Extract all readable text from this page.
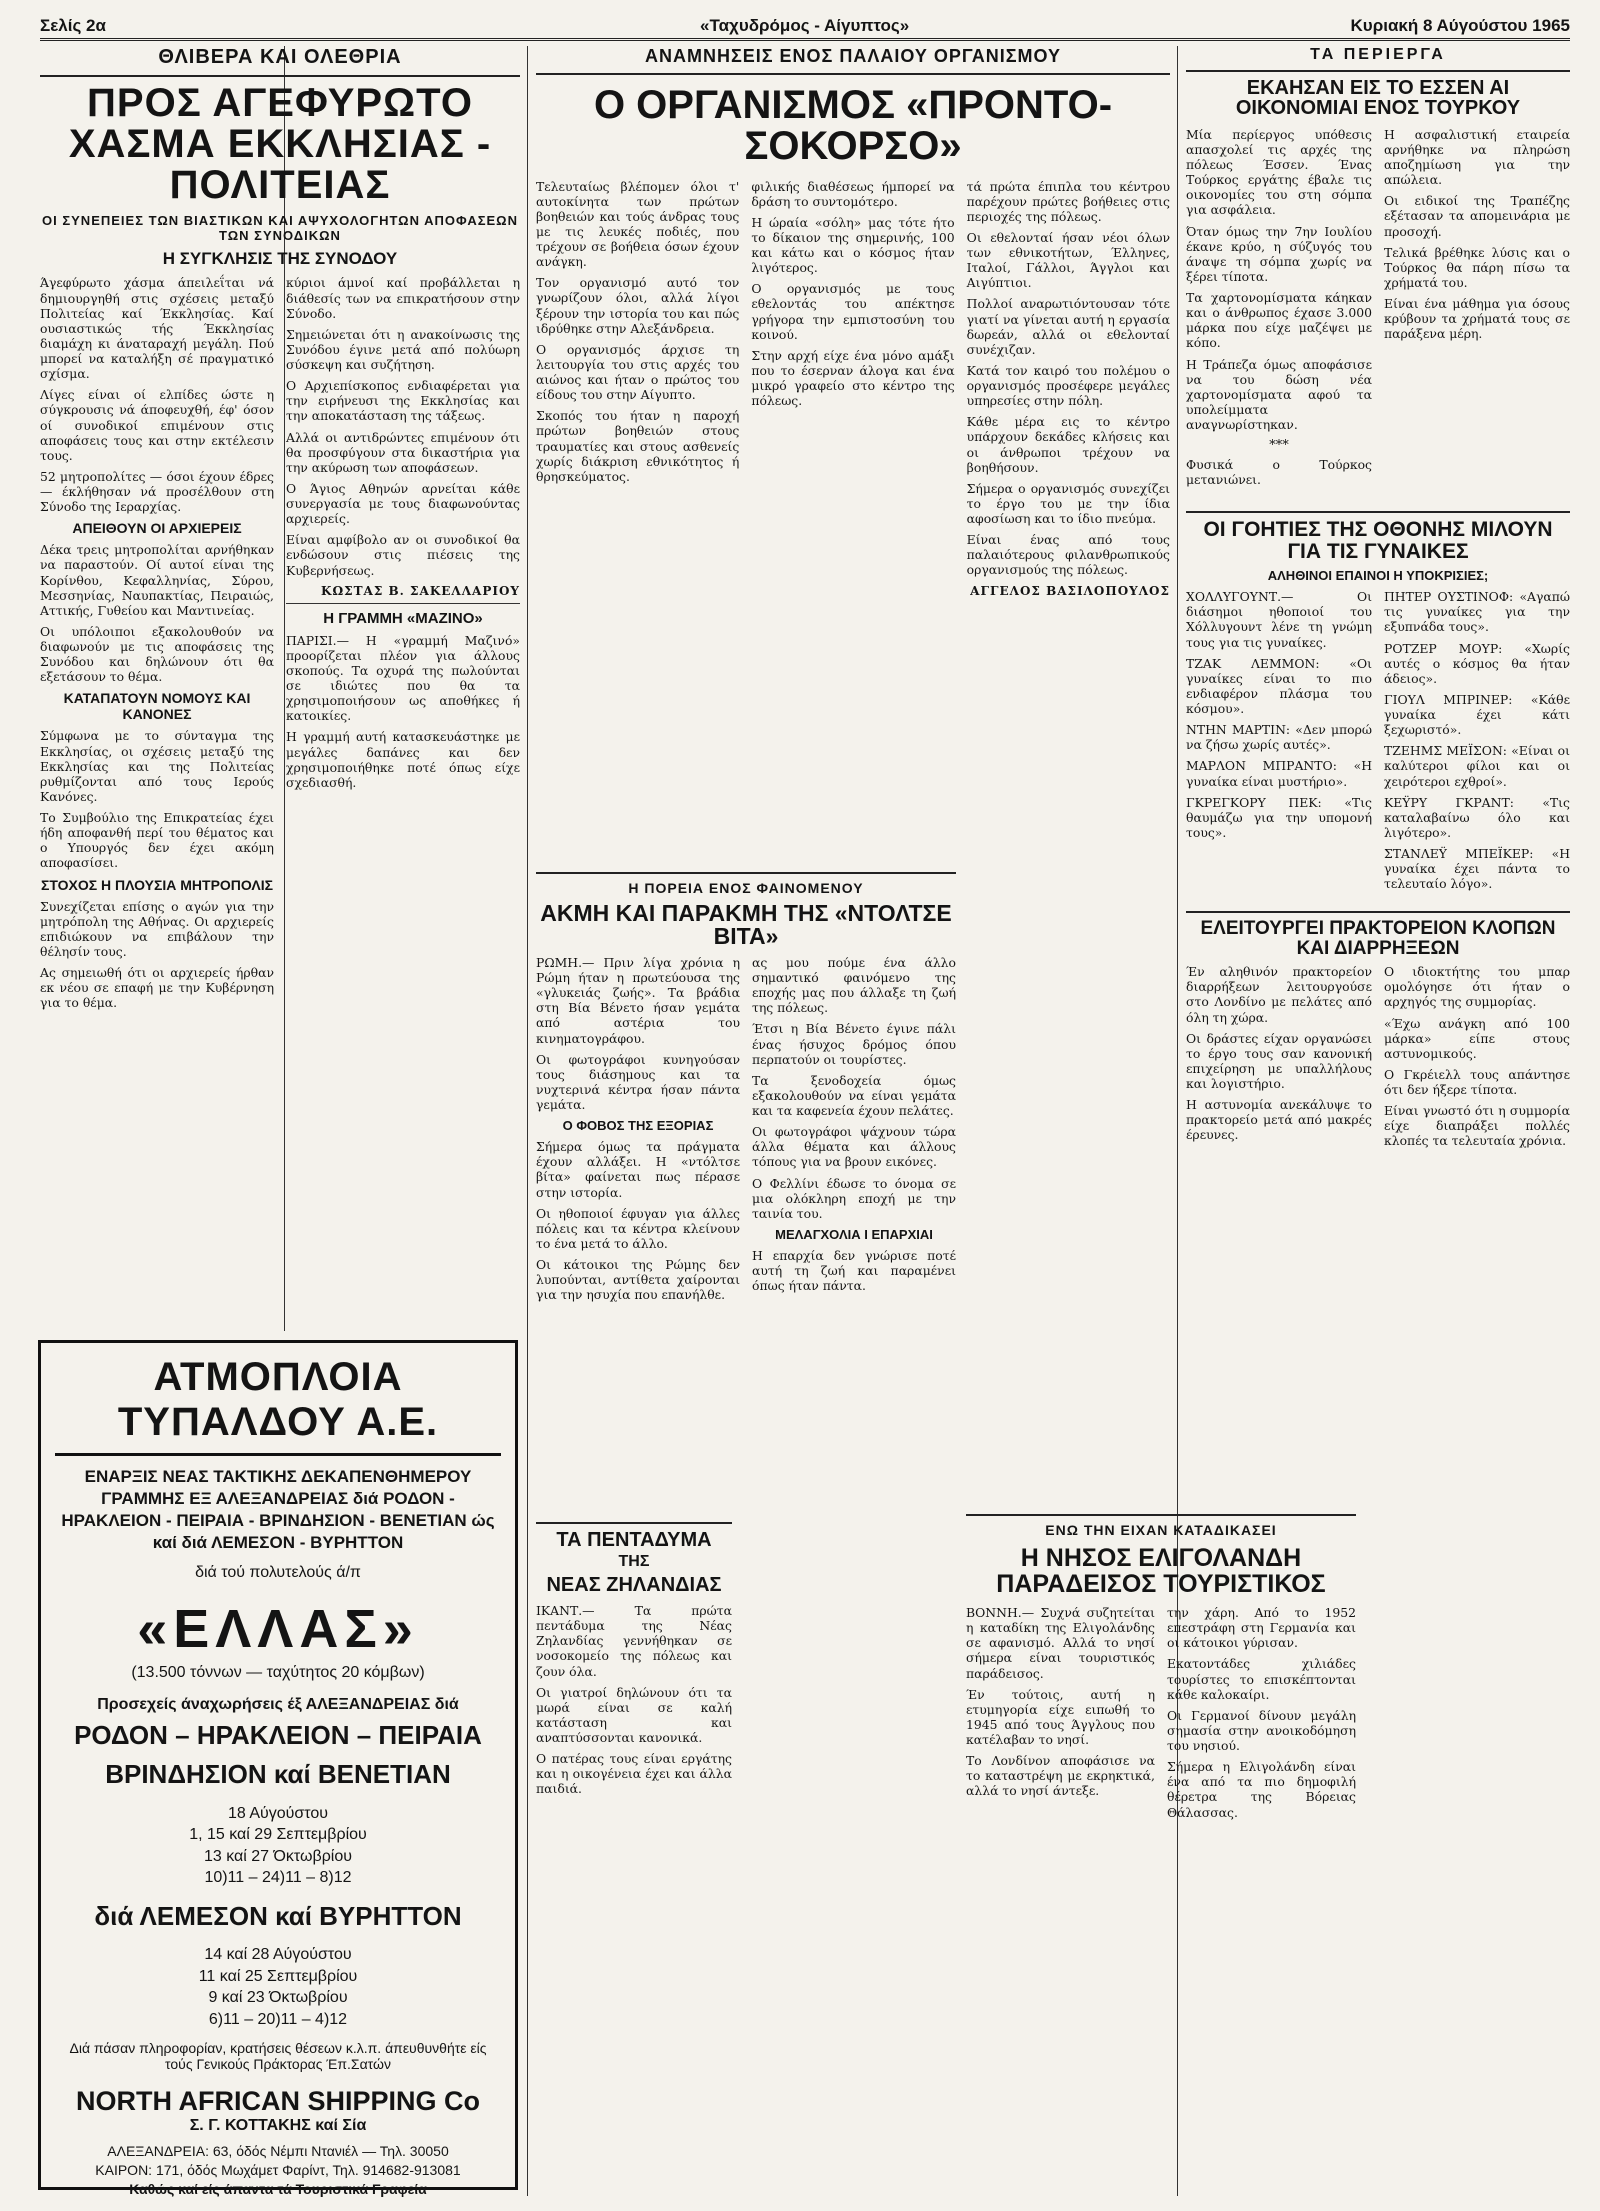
Σελίς 2α	«Ταχυδρόμος - Αίγυπτος»	Κυριακή 8 Αύγούστου 1965
ΘΛΙΒΕΡΑ ΚΑΙ ΟΛΕΘΡΙΑ
ΠΡΟΣ ΑΓΕΦΥΡΩΤΟ ΧΑΣΜΑ ΕΚΚΛΗΣΙΑΣ - ΠΟΛΙΤΕΙΑΣ
ΟΙ ΣΥΝΕΠΕΙΕΣ ΤΩΝ ΒΙΑΣΤΙΚΩΝ ΚΑΙ ΑΨΥΧΟΛΟΓΗΤΩΝ ΑΠΟΦΑΣΕΩΝ ΤΩΝ ΣΥΝΟΔΙΚΩΝ
Η ΣΥΓΚΛΗΣΙΣ ΤΗΣ ΣΥΝΟΔΟΥ

Άγεφύρωτο χάσμα άπειλεΐται νά δημιουργηθή στις σχέσεις μεταξύ Πολιτείας καί Έκκλησίας. Καί ουσιαστικώς τής Έκκλησίας διαμάχη κι άναταραχή μεγάλη. Πού μπορεί να καταλήξη σέ πραγματικό σχίσμα.

Λίγες είναι οί ελπίδες ώστε η σύγκρουσις νά άποφευχθή, έφ' όσον οί συνοδικοί επιμένουν στις αποφάσεις τους και στην εκτέλεσιν τους.

52 μητροπολίτες — όσοι έχουν έδρες — έκλήθησαν νά προσέλθουν στη Σύνοδο της Ιεραρχίας.

ΑΠΕΙΘΟΥΝ ΟΙ ΑΡΧΙΕΡΕΙΣ

Δέκα τρεις μητροπολίται αρνήθηκαν να παραστούν. Οί αυτοί είναι της Κορίνθου, Κεφαλληνίας, Σύρου, Μεσσηνίας, Ναυπακτίας, Πειραιώς, Αττικής, Γυθείου και Μαντινείας.

Οι υπόλοιποι εξακολουθούν να διαφωνούν με τις αποφάσεις της Συνόδου και δηλώνουν ότι θα εξετάσουν το θέμα.

ΚΑΤΑΠΑΤΟΥΝ ΝΟΜΟΥΣ ΚΑΙ ΚΑΝΟΝΕΣ

Σύμφωνα με το σύνταγμα της Εκκλησίας, οι σχέσεις μεταξύ της Εκκλησίας και της Πολιτείας ρυθμίζονται από τους Ιερούς Κανόνες.

Το Συμβούλιο της Επικρατείας έχει ήδη αποφανθή περί του θέματος και ο Υπουργός δεν έχει ακόμη αποφασίσει.

ΣΤΟΧΟΣ Η ΠΛΟΥΣΙΑ ΜΗΤΡΟΠΟΛΙΣ

Συνεχίζεται επίσης ο αγών για την μητρόπολη της Αθήνας. Οι αρχιερείς επιδιώκουν να επιβάλουν την θέλησίν τους.

Ας σημειωθή ότι οι αρχιερείς ήρθαν εκ νέου σε επαφή με την Κυβέρνηση για το θέμα.

κύριοι άμνοί καί προβάλλεται η διάθεσίς των να επικρατήσουν στην Σύνοδο.

Σημειώνεται ότι η ανακοίνωσις της Συνόδου έγινε μετά από πολύωρη σύσκεψη και συζήτηση.

Ο Αρχιεπίσκοπος ενδιαφέρεται για την ειρήνευσι της Εκκλησίας και την αποκατάσταση της τάξεως.

Αλλά οι αντιδρώντες επιμένουν ότι θα προσφύγουν στα δικαστήρια για την ακύρωση των αποφάσεων.

Ο Άγιος Αθηνών αρνείται κάθε συνεργασία με τους διαφωνούντας αρχιερείς.

Είναι αμφίβολο αν οι συνοδικοί θα ενδώσουν στις πιέσεις της Κυβερνήσεως.

ΚΩΣΤΑΣ Β. ΣΑΚΕΛΛΑΡΙΟΥ
Η ΓΡΑΜΜΗ «ΜΑΖΙΝΟ»

ΠΑΡΙΣΙ.— Η «γραμμή Μαζινό» προορίζεται πλέον για άλλους σκοπούς. Τα οχυρά της πωλούνται σε ιδιώτες που θα τα χρησιμοποιήσουν ως αποθήκες ή κατοικίες.

Η γραμμή αυτή κατασκευάστηκε με μεγάλες δαπάνες και δεν χρησιμοποιήθηκε ποτέ όπως είχε σχεδιασθή.

ΑΤΜΟΠΛΟΙΑ ΤΥΠΑΛΔΟΥ Α.Ε.
ΕΝΑΡΞΙΣ ΝΕΑΣ ΤΑΚΤΙΚΗΣ ΔΕΚΑΠΕΝΘΗΜΕΡΟΥ ΓΡΑΜΜΗΣ ΕΞ ΑΛΕΞΑΝΔΡΕΙΑΣ διά ΡΟΔΟΝ - ΗΡΑΚΛΕΙΟΝ - ΠΕΙΡΑΙΑ - ΒΡΙΝΔΗΣΙΟΝ - ΒΕΝΕΤΙΑΝ ώς καί διά ΛΕΜΕΣΟΝ - ΒΥΡΗΤΤΟΝ
διά τού πολυτελούς ά/π
«ΕΛΛΑΣ»
(13.500 τόννων — ταχύτητος 20 κόμβων)
Προσεχείς άναχωρήσεις έξ ΑΛΕΞΑΝΔΡΕΙΑΣ διά
ΡΟΔΟΝ – ΗΡΑΚΛΕΙΟΝ – ΠΕΙΡΑΙΑ
ΒΡΙΝΔΗΣΙΟΝ καί ΒΕΝΕΤΙΑΝ
18 Αύγούστου
1, 15 καί 29 Σεπτεμβρίου
13 καί 27 Όκτωβρίου
10)11 – 24)11 – 8)12
διά ΛΕΜΕΣΟΝ καί ΒΥΡΗΤΤΟΝ
14 καί 28 Αύγούστου
11 καί 25 Σεπτεμβρίου
9 καί 23 Όκτωβρίου
6)11 – 20)11 – 4)12
Διά πάσαν πληροφορίαν, κρατήσεις θέσεων κ.λ.π. άπευθυνθήτε είς τούς Γενικούς Πράκτορας Έπ.Σατών
NORTH AFRICAN SHIPPING Co
Σ. Γ. ΚΟΤΤΑΚΗΣ καί Σία
ΑΛΕΞΑΝΔΡΕΙΑ: 63, όδός Νέμπι Ντανιέλ — Τηλ. 30050
ΚΑΙΡΟΝ: 171, όδός Μωχάμετ Φαρίντ, Τηλ. 914682-913081
Καθώς καί είς άπαντα τά Τουριστικά Γραφεία
ΑΝΑΜΝΗΣΕΙΣ ΕΝΟΣ ΠΑΛΑΙΟΥ ΟΡΓΑΝΙΣΜΟΥ
Ο ΟΡΓΑΝΙΣΜΟΣ «ΠΡΟΝΤΟ-ΣΟΚΟΡΣΟ»

Τελευταίως βλέπομεν όλοι τ' αυτοκίνητα των πρώτων βοηθειών και τούς άνδρας τους με τις λευκές ποδιές, που τρέχουν σε βοήθεια όσων έχουν ανάγκη.

Τον οργανισμό αυτό τον γνωρίζουν όλοι, αλλά λίγοι ξέρουν την ιστορία του και πώς ιδρύθηκε στην Αλεξάνδρεια.

Ο οργανισμός άρχισε τη λειτουργία του στις αρχές του αιώνος και ήταν ο πρώτος του είδους του στην Αίγυπτο.

Σκοπός του ήταν η παροχή πρώτων βοηθειών στους τραυματίες και στους ασθενείς χωρίς διάκριση εθνικότητος ή θρησκεύματος.

φιλικής διαθέσεως ήμπορεί να δράση το συντομότερο.

Η ώραία «σόλη» μας τότε ήτο το δίκαιον της σημερινής, 100 και κάτω και ο κόσμος ήταν λιγότερος.

Ο οργανισμός με τους εθελοντάς του απέκτησε γρήγορα την εμπιστοσύνη του κοινού.

Στην αρχή είχε ένα μόνο αμάξι που το έσερναν άλογα και ένα μικρό γραφείο στο κέντρο της πόλεως.

τά πρώτα έπιπλα του κέντρου παρέχουν πρώτες βοήθειες στις περιοχές της πόλεως.

Οι εθελονταί ήσαν νέοι όλων των εθνικοτήτων, Έλληνες, Ιταλοί, Γάλλοι, Άγγλοι και Αιγύπτιοι.

Πολλοί αναρωτιόντουσαν τότε γιατί να γίνεται αυτή η εργασία δωρεάν, αλλά οι εθελονταί συνέχιζαν.

Κατά τον καιρό του πολέμου ο οργανισμός προσέφερε μεγάλες υπηρεσίες στην πόλη.

Κάθε μέρα εις το κέντρο υπάρχουν δεκάδες κλήσεις και οι άνθρωποι τρέχουν να βοηθήσουν.

Σήμερα ο οργανισμός συνεχίζει το έργο του με την ίδια αφοσίωση και το ίδιο πνεύμα.

Είναι ένας από τους παλαιότερους φιλανθρωπικούς οργανισμούς της πόλεως.

ΑΓΓΕΛΟΣ ΒΑΣΙΛΟΠΟΥΛΟΣ
Η ΠΟΡΕΙΑ ΕΝΟΣ ΦΑΙΝΟΜΕΝΟΥ
ΑΚΜΗ ΚΑΙ ΠΑΡΑΚΜΗ ΤΗΣ «ΝΤΟΛΤΣΕ ΒΙΤΑ»

ΡΩΜΗ.— Πριν λίγα χρόνια η Ρώμη ήταν η πρωτεύουσα της «γλυκειάς ζωής». Τα βράδια στη Βία Βένετο ήσαν γεμάτα από αστέρια του κινηματογράφου.

Οι φωτογράφοι κυνηγούσαν τους διάσημους και τα νυχτερινά κέντρα ήσαν πάντα γεμάτα.

Ο ΦΟΒΟΣ ΤΗΣ ΕΞΟΡΙΑΣ

Σήμερα όμως τα πράγματα έχουν αλλάξει. Η «ντόλτσε βίτα» φαίνεται πως πέρασε στην ιστορία.

Οι ηθοποιοί έφυγαν για άλλες πόλεις και τα κέντρα κλείνουν το ένα μετά το άλλο.

Οι κάτοικοι της Ρώμης δεν λυπούνται, αντίθετα χαίρονται για την ησυχία που επανήλθε.

ας μου πούμε ένα άλλο σημαντικό φαινόμενο της εποχής μας που άλλαξε τη ζωή της πόλεως.

Έτσι η Βία Βένετο έγινε πάλι ένας ήσυχος δρόμος όπου περπατούν οι τουρίστες.

Τα ξενοδοχεία όμως εξακολουθούν να είναι γεμάτα και τα καφενεία έχουν πελάτες.

Οι φωτογράφοι ψάχνουν τώρα άλλα θέματα και άλλους τόπους για να βρουν εικόνες.

Ο Φελλίνι έδωσε το όνομα σε μια ολόκληρη εποχή με την ταινία του.

ΜΕΛΑΓΧΟΛΙΑ Ι ΕΠΑΡΧΙΑΙ

Η επαρχία δεν γνώρισε ποτέ αυτή τη ζωή και παραμένει όπως ήταν πάντα.

ΤΑ ΠΕΝΤΑΔΥΜΑ
ΤΗΣ
ΝΕΑΣ ΖΗΛΑΝΔΙΑΣ

ΙΚΑΝΤ.— Τα πρώτα πεντάδυμα της Νέας Ζηλανδίας γεννήθηκαν σε νοσοκομείο της πόλεως και ζουν όλα.

Οι γιατροί δηλώνουν ότι τα μωρά είναι σε καλή κατάσταση και αναπτύσσονται κανονικά.

Ο πατέρας τους είναι εργάτης και η οικογένεια έχει και άλλα παιδιά.

ΤΑ ΠΕΡΙΕΡΓΑ
ΕΚΑΗΣΑΝ ΕΙΣ ΤΟ ΕΣΣΕΝ ΑΙ ΟΙΚΟΝΟΜΙΑΙ ΕΝΟΣ ΤΟΥΡΚΟΥ

Μία περίεργος υπόθεσις απασχολεί τις αρχές της πόλεως Έσσεν. Ένας Τούρκος εργάτης έβαλε τις οικονομίες του στη σόμπα για ασφάλεια.

Όταν όμως την 7ην Ιουλίου έκανε κρύο, η σύζυγός του άναψε τη σόμπα χωρίς να ξέρει τίποτα.

Τα χαρτονομίσματα κάηκαν και ο άνθρωπος έχασε 3.000 μάρκα που είχε μαζέψει με κόπο.

Η Τράπεζα όμως αποφάσισε να του δώση νέα χαρτονομίσματα αφού τα υπολείμματα αναγνωρίστηκαν.

***

Φυσικά ο Τούρκος μετανιώνει.

Η ασφαλιστική εταιρεία αρνήθηκε να πληρώση αποζημίωση για την απώλεια.

Οι ειδικοί της Τραπέζης εξέτασαν τα απομεινάρια με προσοχή.

Τελικά βρέθηκε λύσις και ο Τούρκος θα πάρη πίσω τα χρήματά του.

Είναι ένα μάθημα για όσους κρύβουν τα χρήματά τους σε παράξενα μέρη.

ΟΙ ΓΟΗΤΙΕΣ ΤΗΣ ΟΘΟΝΗΣ ΜΙΛΟΥΝ ΓΙΑ ΤΙΣ ΓΥΝΑΙΚΕΣ
ΑΛΗΘΙΝΟΙ ΕΠΑΙΝΟΙ Η ΥΠΟΚΡΙΣΙΕΣ;

ΧΟΛΛΥΓΟΥΝΤ.— Οι διάσημοι ηθοποιοί του Χόλλυγουντ λένε τη γνώμη τους για τις γυναίκες.

ΤΖΑΚ ΛΕΜΜΟΝ: «Οι γυναίκες είναι το πιο ενδιαφέρον πλάσμα του κόσμου».

ΝΤΗΝ ΜΑΡΤΙΝ: «Δεν μπορώ να ζήσω χωρίς αυτές».

ΜΑΡΛΟΝ ΜΠΡΑΝΤΟ: «Η γυναίκα είναι μυστήριο».

ΓΚΡΕΓΚΟΡΥ ΠΕΚ: «Τις θαυμάζω για την υπομονή τους».

ΠΗΤΕΡ ΟΥΣΤΙΝΟΦ: «Αγαπώ τις γυναίκες για την εξυπνάδα τους».

ΡΟΤΖΕΡ ΜΟΥΡ: «Χωρίς αυτές ο κόσμος θα ήταν άδειος».

ΓΙΟΥΛ ΜΠΡΙΝΕΡ: «Κάθε γυναίκα έχει κάτι ξεχωριστό».

ΤΖΕΗΜΣ ΜΕΪΣΟΝ: «Είναι οι καλύτεροι φίλοι και οι χειρότεροι εχθροί».

ΚΕΫΡΥ ΓΚΡΑΝΤ: «Τις καταλαβαίνω όλο και λιγότερο».

ΣΤΑΝΛΕΫ ΜΠΕΪΚΕΡ: «Η γυναίκα έχει πάντα το τελευταίο λόγο».

ΕΛΕΙΤΟΥΡΓΕΙ ΠΡΑΚΤΟΡΕΙΟΝ ΚΛΟΠΩΝ ΚΑΙ ΔΙΑΡΡΗΞΕΩΝ

Έν αληθινόν πρακτορείον διαρρήξεων λειτουργούσε στο Λονδίνο με πελάτες από όλη τη χώρα.

Οι δράστες είχαν οργανώσει το έργο τους σαν κανονική επιχείρηση με υπαλλήλους και λογιστήριο.

Η αστυνομία ανεκάλυψε το πρακτορείο μετά από μακρές έρευνες.

Ο ιδιοκτήτης του μπαρ ομολόγησε ότι ήταν ο αρχηγός της συμμορίας.

«Έχω ανάγκη από 100 μάρκα» είπε στους αστυνομικούς.

Ο Γκρέιελλ τους απάντησε ότι δεν ήξερε τίποτα.

Είναι γνωστό ότι η συμμορία είχε διαπράξει πολλές κλοπές τα τελευταία χρόνια.

ΕΝΩ ΤΗΝ ΕΙΧΑΝ ΚΑΤΑΔΙΚΑΣΕΙ
Η ΝΗΣΟΣ ΕΛΙΓΟΛΑΝΔΗ ΠΑΡΑΔΕΙΣΟΣ ΤΟΥΡΙΣΤΙΚΟΣ

ΒΟΝΝΗ.— Συχνά συζητείται η καταδίκη της Ελιγολάνδης σε αφανισμό. Αλλά το νησί σήμερα είναι τουριστικός παράδεισος.

Έν τούτοις, αυτή η ετυμηγορία είχε ειπωθή το 1945 από τους Άγγλους που κατέλαβαν το νησί.

Το Λονδίνον αποφάσισε να το καταστρέψη με εκρηκτικά, αλλά το νησί άντεξε.

την χάρη. Από το 1952 επεστράφη στη Γερμανία και οι κάτοικοι γύρισαν.

Εκατοντάδες χιλιάδες τουρίστες το επισκέπτονται κάθε καλοκαίρι.

Οι Γερμανοί δίνουν μεγάλη σημασία στην ανοικοδόμηση του νησιού.

Σήμερα η Ελιγολάνδη είναι ένα από τα πιο δημοφιλή θέρετρα της Βόρειας Θάλασσας.
